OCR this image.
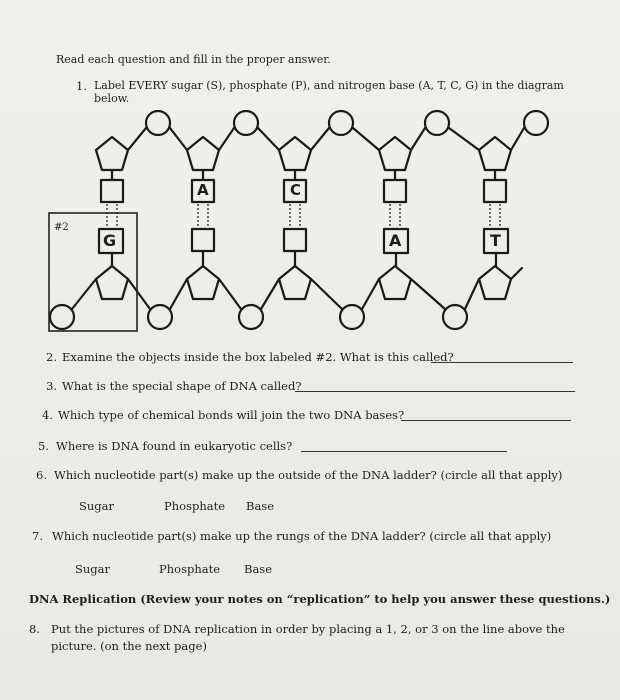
Read each question and fill in the proper answer.
1. Label EVERY sugar (S), phosphate (P), and nitrogen base (A, T, C, G) in the diagram
below.
#2
A	C
G	A	T
2. Examine the objects inside the box labeled #2. What is this called?
3. What is the special shape of DNA called?
4. Which type of chemical bonds will join the two DNA bases?
5. Where is DNA found in eukaryotic cells?
6. Which nucleotide part(s) make up the outside of the DNA ladder? (circle all that apply)
Sugar	Phosphate Base
7. Which nucleotide part(s) make up the rungs of the DNA ladder? (circle all that apply)
Sugar	Phosphate Base
DNA Replication (Review your notes on “replication” to help you answer these questions.)
8. Put the pictures of DNA replication in order by placing a 1, 2, or 3 on the line above the
picture. (on the next page)
